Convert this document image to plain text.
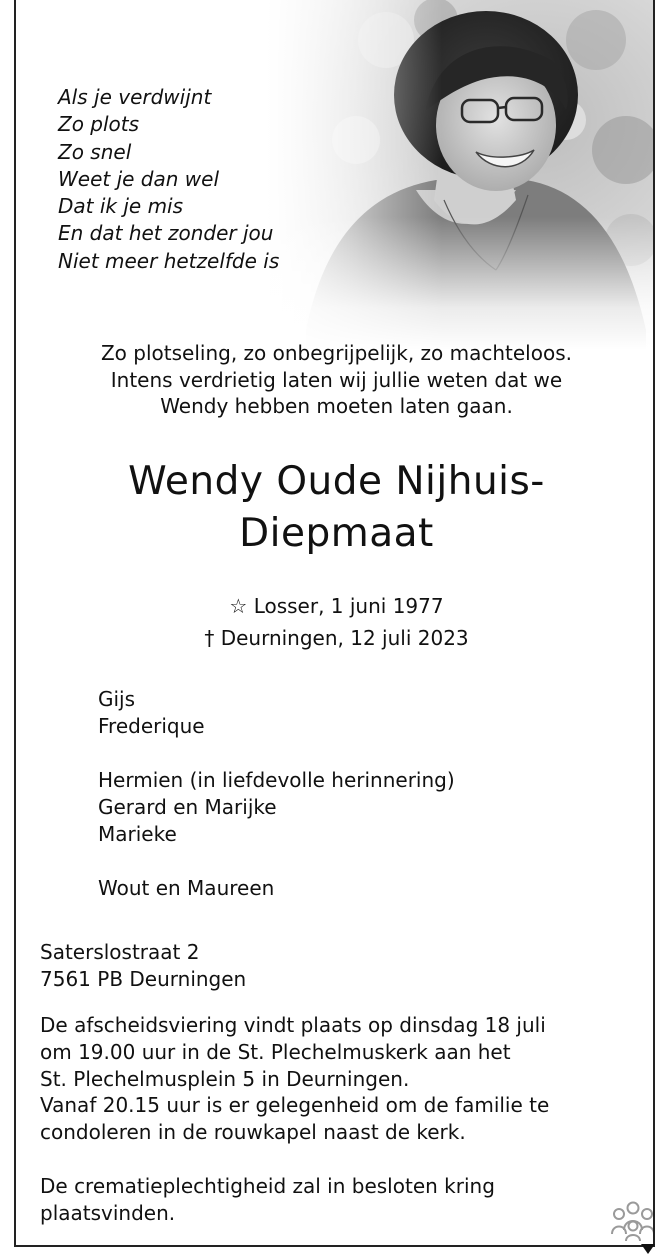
Als je verdwijnt
Zo plots
Zo snel
Weet je dan wel
Dat ik je mis
En dat het zonder jou
Niet meer hetzelfde is
Zo plotseling, zo onbegrijpelijk, zo machteloos.
Intens verdrietig laten wij jullie weten dat we
Wendy hebben moeten laten gaan.
Wendy Oude Nijhuis-
Diepmaat
☆ Losser, 1 juni 1977
† Deurningen, 12 juli 2023
Gijs
Frederique
Hermien (in liefdevolle herinnering)
Gerard en Marijke
Marieke
Wout en Maureen
Saterslostraat 2
7561 PB Deurningen
De afscheidsviering vindt plaats op dinsdag 18 juli
om 19.00 uur in de St. Plechelmuskerk aan het
St. Plechelmusplein 5 in Deurningen.
Vanaf 20.15 uur is er gelegenheid om de familie te
condoleren in de rouwkapel naast de kerk.
De crematieplechtigheid zal in besloten kring
plaatsvinden.
